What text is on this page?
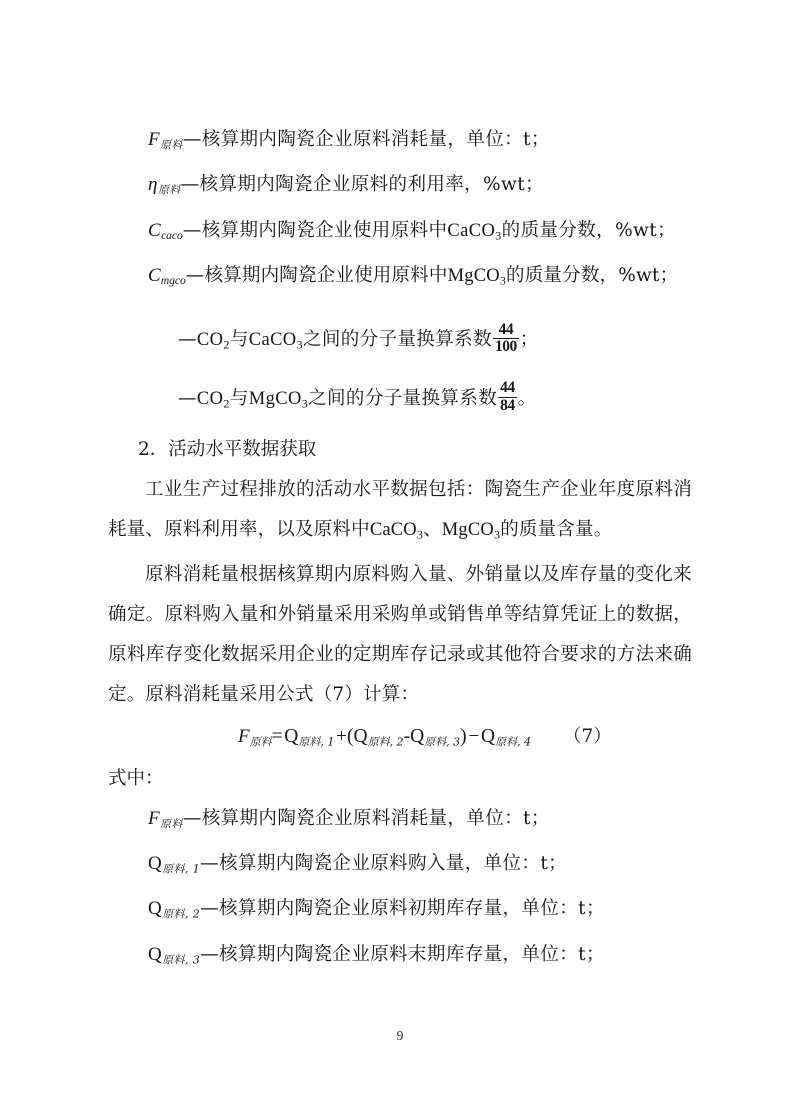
F原料—核算期内陶瓷企业原料消耗量，单位：t；
η原料—核算期内陶瓷企业原料的利用率，%wt；
$C_{caco}—$核算期内陶瓷企业使用原料中CaCO3的质量分数，%wt；
$C_{mgco}—$核算期内陶瓷企业使用原料中MgCO3的质量分数，%wt；
—CO2与CaCO3之间的分子量换算系数 $\frac{44}{100}$ ；
—CO2与MgCO3之间的分子量换算系数 $\frac{44}{84}$ 。
2．活动水平数据获取
工业生产过程排放的活动水平数据包括：陶瓷生产企业年度原料消耗量、原料利用率，以及原料中CaCO3、MgCO3的质量含量。
原料消耗量根据核算期内原料购入量、外销量以及库存量的变化来确定。原料购入量和外销量采用采购单或销售单等结算凭证上的数据，原料库存变化数据采用企业的定期库存记录或其他符合要求的方法来确定。原料消耗量采用公式（7）计算：
F原料= Q原料, 1 +(Q原料, 2-Q原料, 3) − Q原料, 4 （7）
式中：
F原料—核算期内陶瓷企业原料消耗量，单位：t；
Q原料, 1—核算期内陶瓷企业原料购入量，单位：t；
Q原料, 2—核算期内陶瓷企业原料初期库存量，单位：t；
Q原料, 3—核算期内陶瓷企业原料末期库存量，单位：t；
9
